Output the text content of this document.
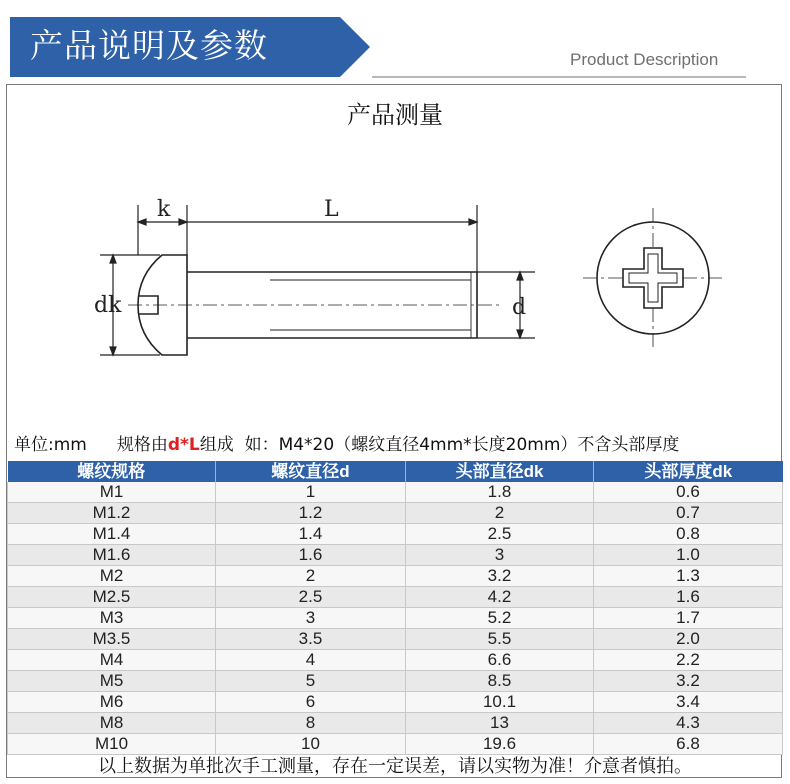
产品说明及参数	Product Description
产品测量
k	L
dk	d
单位:mm 规格由d*L组成 如：M4*20（螺纹直径4mm*长度20mm）不含头部厚度
螺纹规格	螺纹直径d	头部直径dk	头部厚度dk
M1	1	1.8	0.6
M1.2	1.2	2	0.7
M1.4	1.4	2.5	0.8
M1.6	1.6	3	1.0
M2	2	3.2	1.3
M2.5	2.5	4.2	1.6
M3	3	5.2	1.7
M3.5	3.5	5.5	2.0
M4	4	6.6	2.2
M5	5	8.5	3.2
M6	6	10.1	3.4
M8	8	13	4.3
M10	10	19.6	6.8
以上数据为单批次手工测量，存在一定误差，请以实物为准！介意者慎拍。
